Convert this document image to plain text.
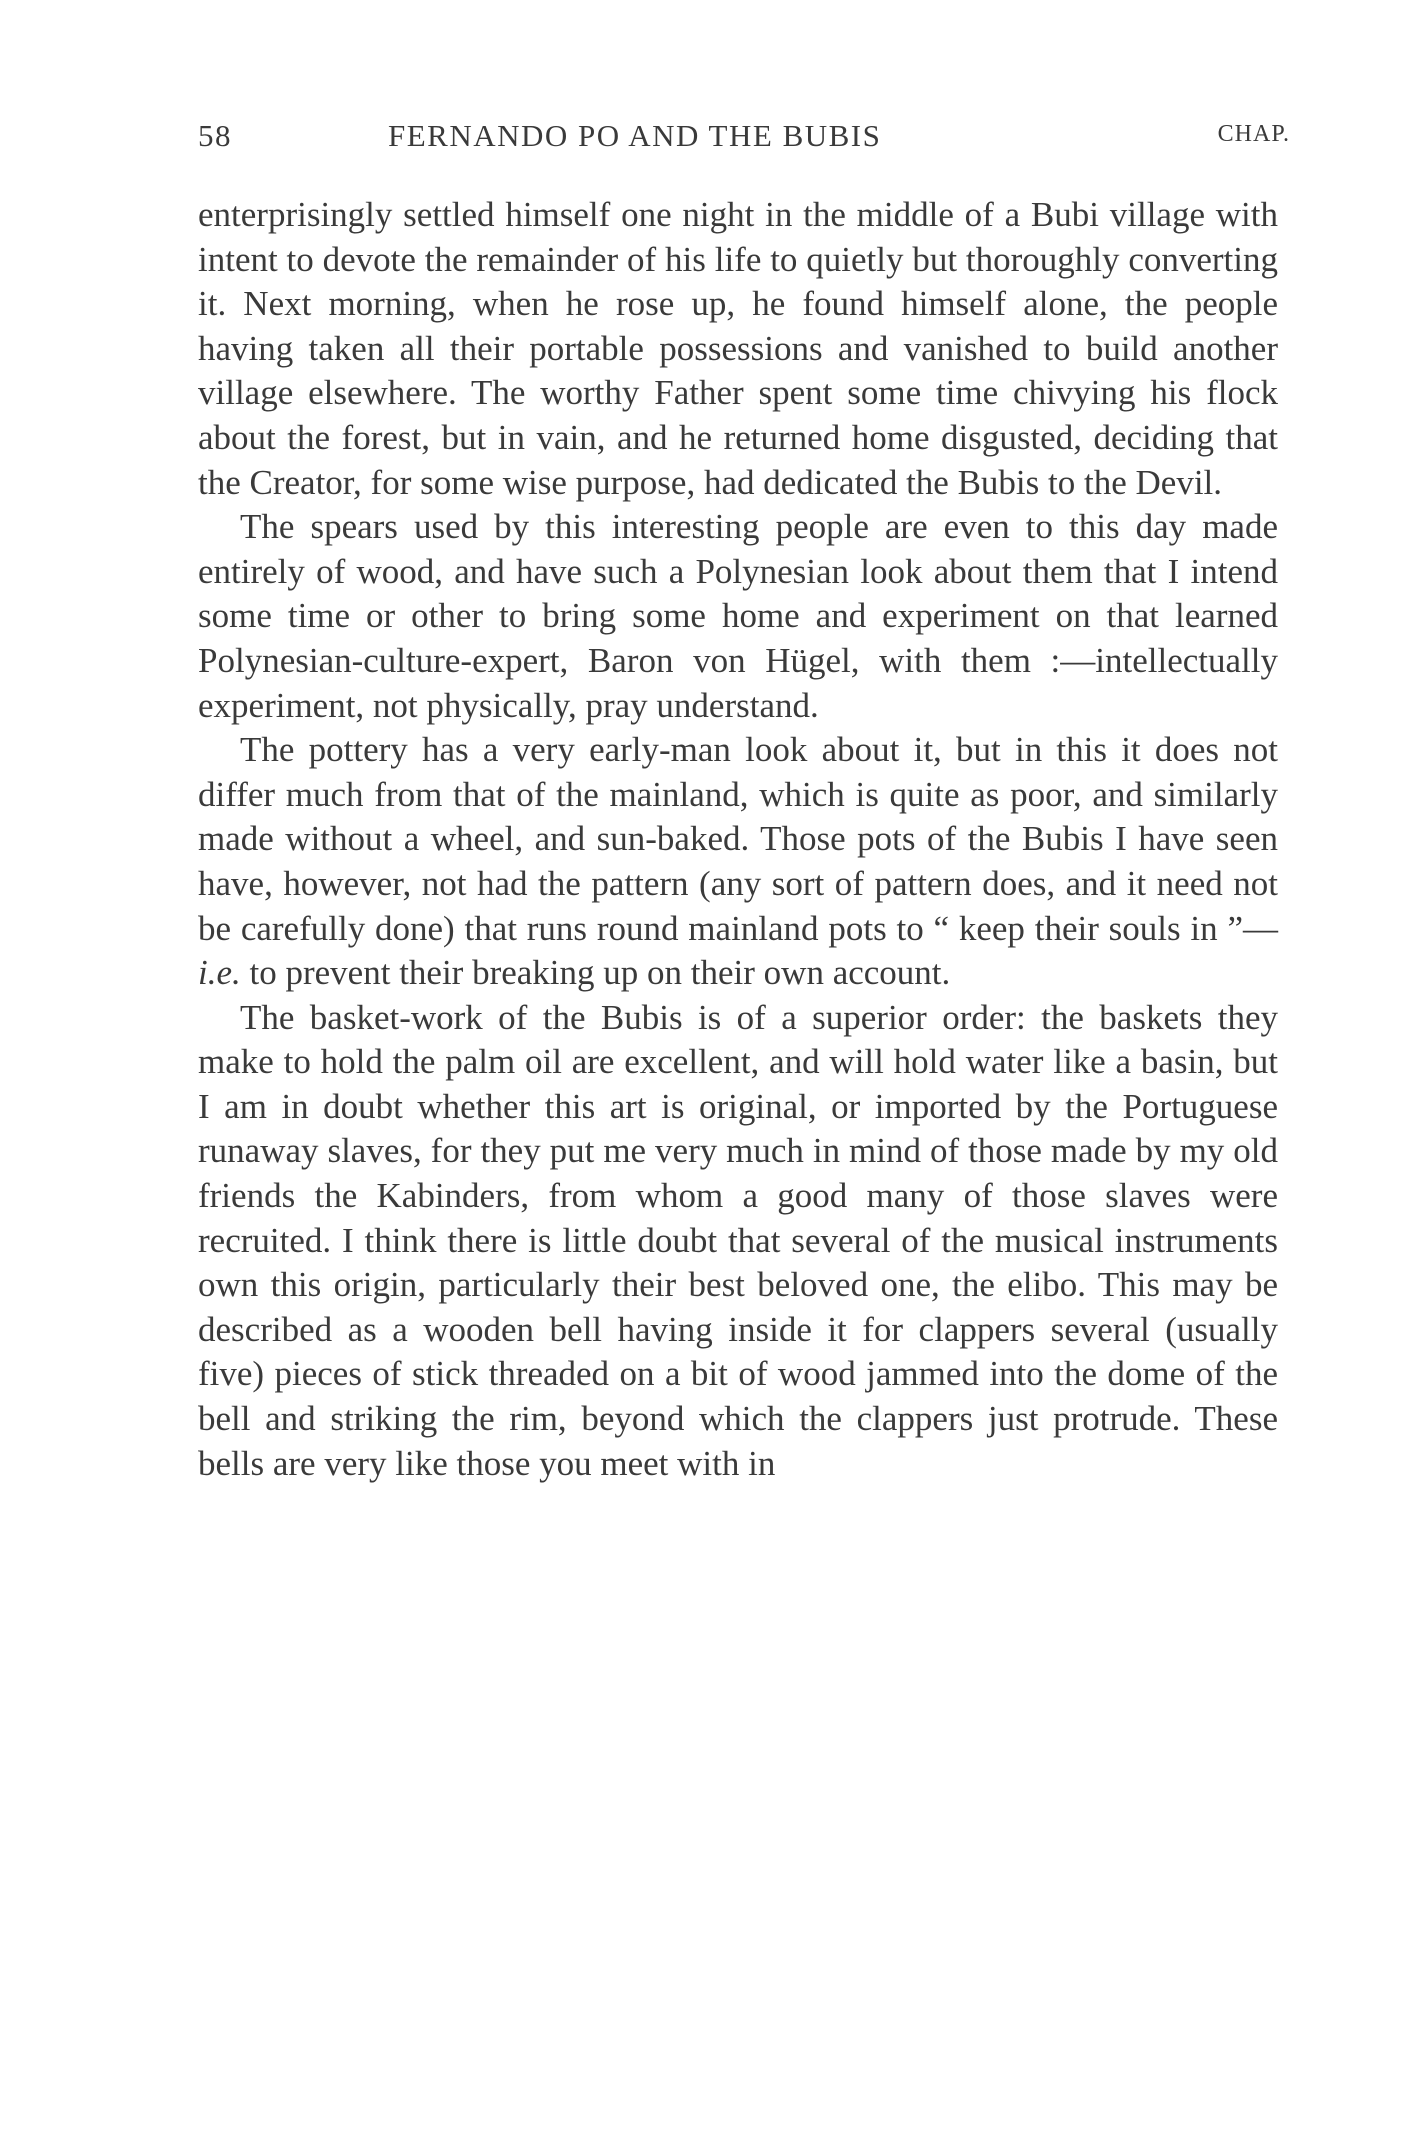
58	FERNANDO PO AND THE BUBIS	CHAP.

enterprisingly settled himself one night in the middle of a Bubi village with intent to devote the remainder of his life to quietly but thoroughly converting it. Next morning, when he rose up, he found himself alone, the people having taken all their portable possessions and vanished to build another village elsewhere. The worthy Father spent some time chivying his flock about the forest, but in vain, and he returned home disgusted, deciding that the Creator, for some wise purpose, had dedicated the Bubis to the Devil.

The spears used by this interesting people are even to this day made entirely of wood, and have such a Polynesian look about them that I intend some time or other to bring some home and experiment on that learned Polynesian-culture-expert, Baron von Hügel, with them :—intellectually experiment, not physically, pray understand.

The pottery has a very early-man look about it, but in this it does not differ much from that of the mainland, which is quite as poor, and similarly made without a wheel, and sun-baked. Those pots of the Bubis I have seen have, however, not had the pattern (any sort of pattern does, and it need not be carefully done) that runs round mainland pots to “ keep their souls in ”— i.e. to prevent their breaking up on their own account.

The basket-work of the Bubis is of a superior order: the baskets they make to hold the palm oil are excellent, and will hold water like a basin, but I am in doubt whether this art is original, or imported by the Portuguese runaway slaves, for they put me very much in mind of those made by my old friends the Kabinders, from whom a good many of those slaves were recruited. I think there is little doubt that several of the musical instruments own this origin, particularly their best beloved one, the elibo. This may be described as a wooden bell having inside it for clappers several (usually five) pieces of stick threaded on a bit of wood jammed into the dome of the bell and striking the rim, beyond which the clappers just protrude. These bells are very like those you meet with in
